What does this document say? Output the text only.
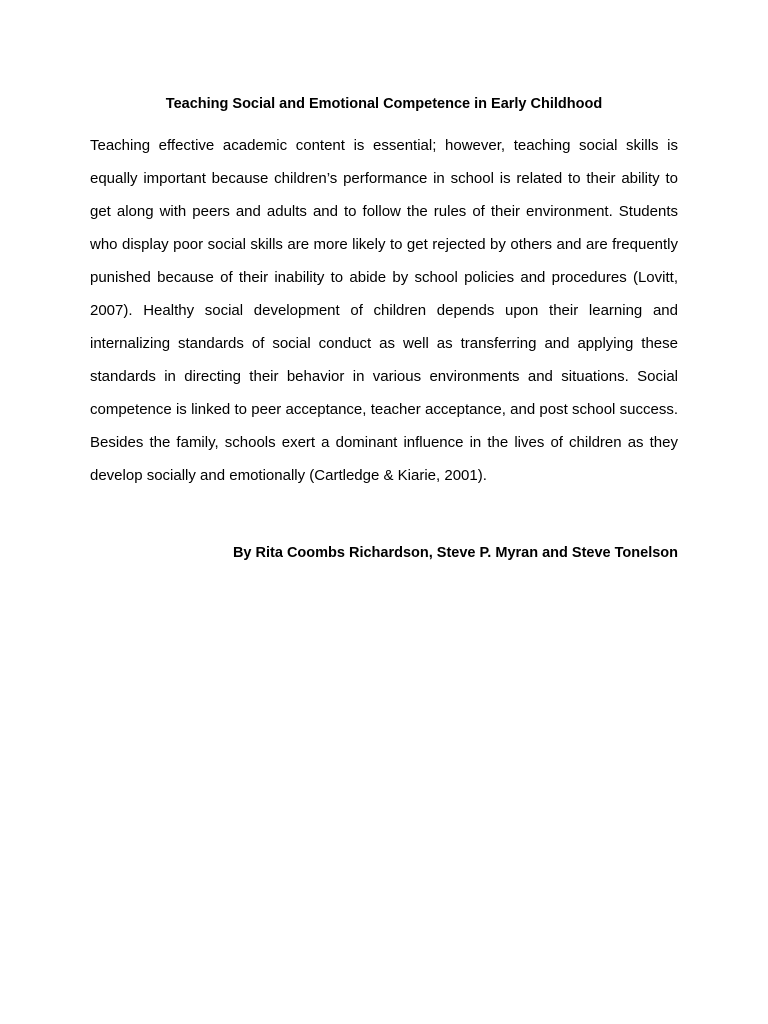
Teaching Social and Emotional Competence in Early Childhood

Teaching effective academic content is essential; however, teaching social skills is equally important because children’s performance in school is related to their ability to get along with peers and adults and to follow the rules of their environment. Students who display poor social skills are more likely to get rejected by others and are frequently punished because of their inability to abide by school policies and procedures (Lovitt, 2007). Healthy social development of children depends upon their learning and internalizing standards of social conduct as well as transferring and applying these standards in directing their behavior in various environments and situations. Social competence is linked to peer acceptance, teacher acceptance, and post school success. Besides the family, schools exert a dominant influence in the lives of children as they develop socially and emotionally (Cartledge & Kiarie, 2001).

By Rita Coombs Richardson, Steve P. Myran and Steve Tonelson
